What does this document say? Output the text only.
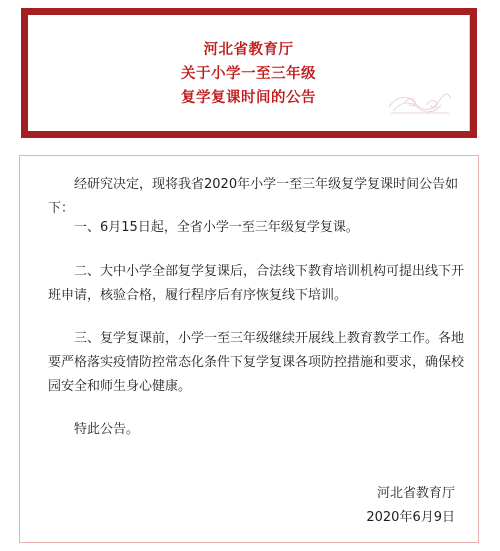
河北省教育厅
关于小学一至三年级
复学复课时间的公告

经研究决定，现将我省2020年小学一至三年级复学复课时间公告如下：

一、6月15日起，全省小学一至三年级复学复课。

二、大中小学全部复学复课后，合法线下教育培训机构可提出线下开班申请，核验合格，履行程序后有序恢复线下培训。

三、复学复课前，小学一至三年级继续开展线上教育教学工作。各地要严格落实疫情防控常态化条件下复学复课各项防控措施和要求，确保校园安全和师生身心健康。

特此公告。

河北省教育厅
2020年6月9日
